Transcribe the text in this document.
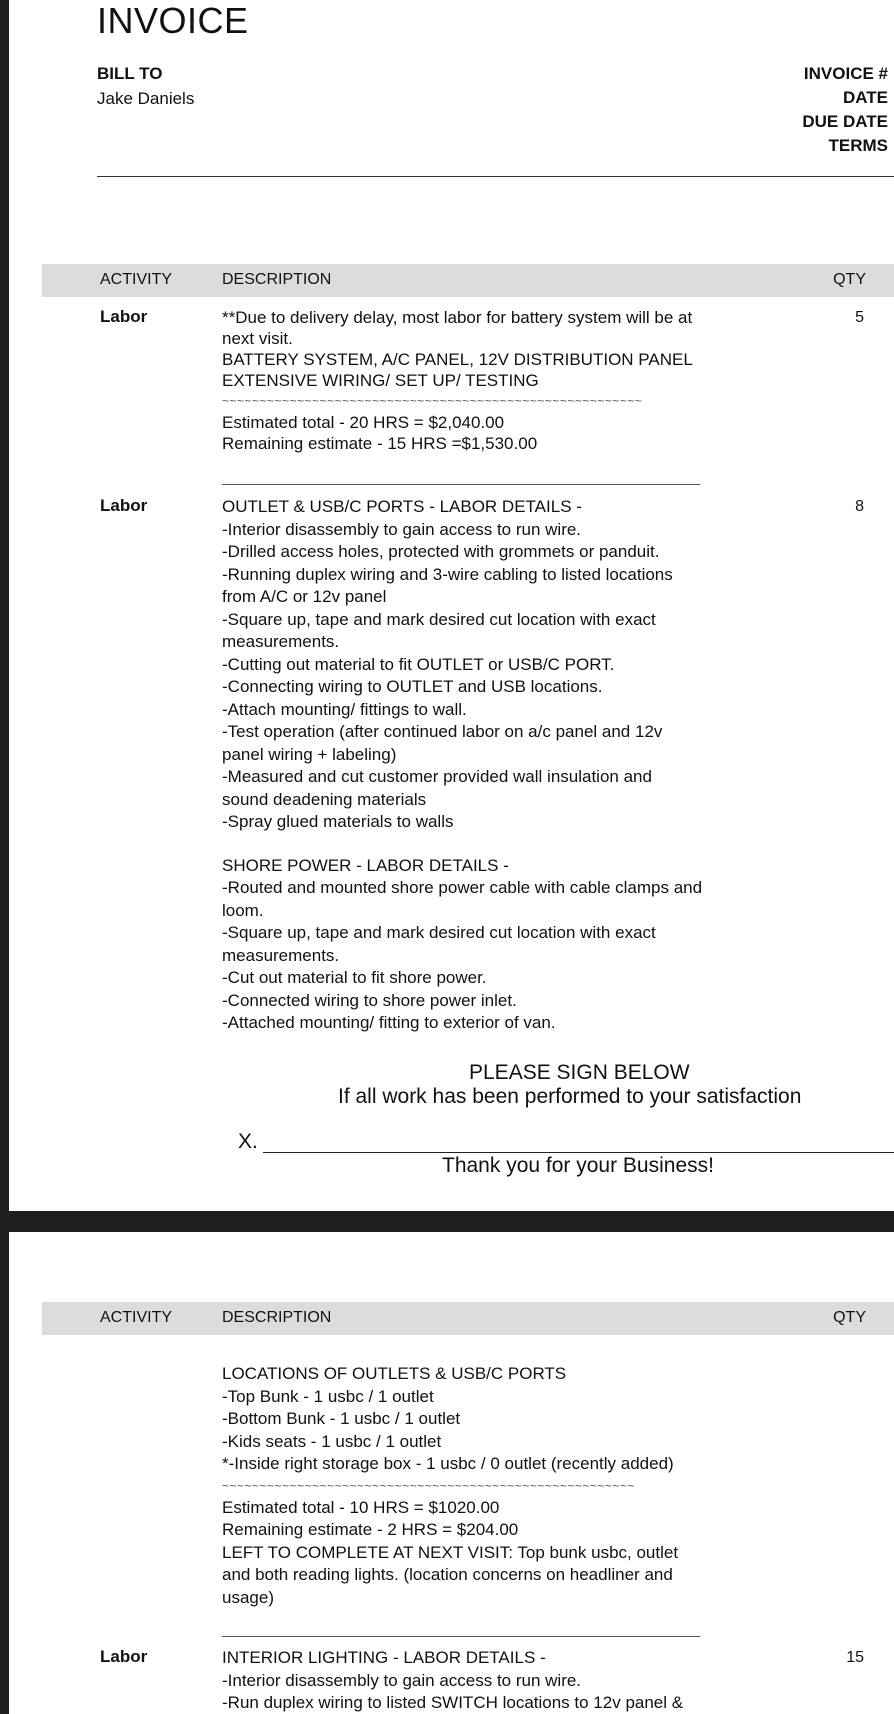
INVOICE
BILL TO
Jake Daniels
INVOICE #
DATE
DUE DATE
TERMS
ACTIVITY	DESCRIPTION	QTY
Labor	5
**Due to delivery delay, most labor for battery system will be at
next visit.
BATTERY SYSTEM, A/C PANEL, 12V DISTRIBUTION PANEL
EXTENSIVE WIRING/ SET UP/ TESTING
~~~~~~~~~~~~~~~~~~~~~~~~~~~~~~~~~~~~~~~~~~~~~~~~~~~~~~~~
Estimated total - 20 HRS = $2,040.00
Remaining estimate - 15 HRS =$1,530.00
Labor	8
OUTLET & USB/C PORTS - LABOR DETAILS -
-Interior disassembly to gain access to run wire.
-Drilled access holes, protected with grommets or panduit.
-Running duplex wiring and 3-wire cabling to listed locations
from A/C or 12v panel
-Square up, tape and mark desired cut location with exact
measurements.
-Cutting out material to fit OUTLET or USB/C PORT.
-Connecting wiring to OUTLET and USB locations.
-Attach mounting/ fittings to wall.
-Test operation (after continued labor on a/c panel and 12v
panel wiring + labeling)
-Measured and cut customer provided wall insulation and
sound deadening materials
-Spray glued materials to walls
SHORE POWER - LABOR DETAILS -
-Routed and mounted shore power cable with cable clamps and
loom.
-Square up, tape and mark desired cut location with exact
measurements.
-Cut out material to fit shore power.
-Connected wiring to shore power inlet.
-Attached mounting/ fitting to exterior of van.
PLEASE SIGN BELOW
If all work has been performed to your satisfaction
X.
Thank you for your Business!
ACTIVITY	DESCRIPTION	QTY
LOCATIONS OF OUTLETS & USB/C PORTS
-Top Bunk - 1 usbc / 1 outlet
-Bottom Bunk - 1 usbc / 1 outlet
-Kids seats - 1 usbc / 1 outlet
*-Inside right storage box - 1 usbc / 0 outlet (recently added)
~~~~~~~~~~~~~~~~~~~~~~~~~~~~~~~~~~~~~~~~~~~~~~~~~~~~~~~
Estimated total - 10 HRS = $1020.00
Remaining estimate - 2 HRS = $204.00
LEFT TO COMPLETE AT NEXT VISIT: Top bunk usbc, outlet
and both reading lights. (location concerns on headliner and
usage)
Labor	15
INTERIOR LIGHTING - LABOR DETAILS -
-Interior disassembly to gain access to run wire.
-Run duplex wiring to listed SWITCH locations to 12v panel &
